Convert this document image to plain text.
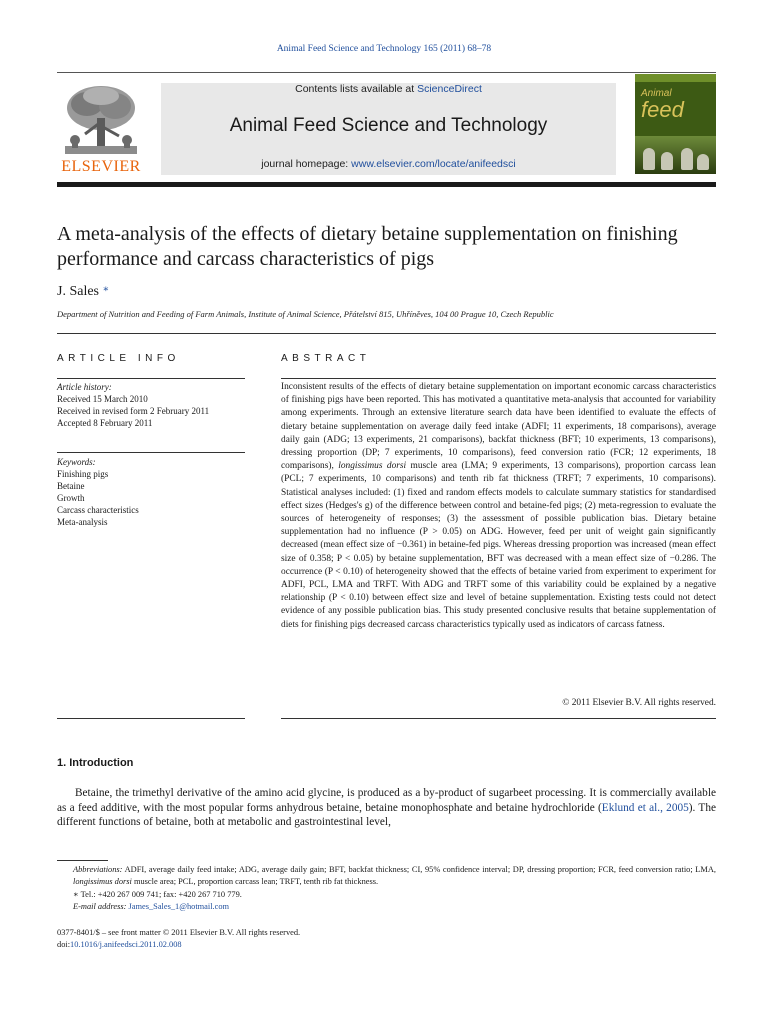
Animal Feed Science and Technology 165 (2011) 68–78
ELSEVIER
Contents lists available at ScienceDirect
Animal Feed Science and Technology
journal homepage: www.elsevier.com/locate/anifeedsci
Animal
feed
A meta-analysis of the effects of dietary betaine supplementation on finishing performance and carcass characteristics of pigs
J. Sales ∗
Department of Nutrition and Feeding of Farm Animals, Institute of Animal Science, Přátelství 815, Uhříněves, 104 00 Prague 10, Czech Republic
ARTICLE INFO	ABSTRACT
Article history:
Received 15 March 2010
Received in revised form 2 February 2011
Accepted 8 February 2011
Keywords:
Finishing pigs
Betaine
Growth
Carcass characteristics
Meta-analysis
Inconsistent results of the effects of dietary betaine supplementation on important economic carcass characteristics of finishing pigs have been reported. This has motivated a quantitative meta-analysis that accounted for variability among experiments. Through an extensive literature search data have been identified to evaluate the effects of dietary betaine supplementation on average daily feed intake (ADFI; 11 experiments, 18 comparisons), average daily gain (ADG; 13 experiments, 21 comparisons), backfat thickness (BFT; 10 experiments, 13 comparisons), dressing proportion (DP; 7 experiments, 10 comparisons), feed conversion ratio (FCR; 12 experiments, 18 comparisons), longissimus dorsi muscle area (LMA; 9 experiments, 13 comparisons), proportion carcass lean (PCL; 7 experiments, 10 comparisons) and tenth rib fat thickness (TRFT; 7 experiments, 10 comparisons). Statistical analyses included: (1) fixed and random effects models to calculate summary statistics for standardised effect sizes (Hedges's g) of the difference between control and betaine-fed pigs; (2) meta-regression to evaluate the sources of heterogeneity of responses; (3) the assessment of possible publication bias. Dietary betaine supplementation had no influence (P > 0.05) on ADG. However, feed per unit of weight gain significantly decreased (mean effect size of −0.361) in betaine-fed pigs. Whereas dressing proportion was increased (mean effect size of 0.358; P < 0.05) by betaine supplementation, BFT was decreased with a mean effect size of −0.286. The occurrence (P < 0.10) of heterogeneity showed that the effects of betaine varied from experiment to experiment for ADFI, PCL, LMA and TRFT. With ADG and TRFT some of this variability could be explained by a negative relationship (P < 0.10) between effect size and level of betaine supplementation. Existing tests could not detect evidence of any possible publication bias. This study presented conclusive results that betaine supplementation of diets for finishing pigs decreased carcass characteristics typically used as indicators of carcass fatness.
© 2011 Elsevier B.V. All rights reserved.
1. Introduction
Betaine, the trimethyl derivative of the amino acid glycine, is produced as a by-product of sugarbeet processing. It is commercially available as a feed additive, with the most popular forms anhydrous betaine, betaine monophosphate and betaine hydrochloride (Eklund et al., 2005). The different functions of betaine, both at metabolic and gastrointestinal level,
Abbreviations: ADFI, average daily feed intake; ADG, average daily gain; BFT, backfat thickness; CI, 95% confidence interval; DP, dressing proportion; FCR, feed conversion ratio; LMA, longissimus dorsi muscle area; PCL, proportion carcass lean; TRFT, tenth rib fat thickness.
∗ Tel.: +420 267 009 741; fax: +420 267 710 779.
E-mail address: James_Sales_1@hotmail.com
0377-8401/$ – see front matter © 2011 Elsevier B.V. All rights reserved.
doi:10.1016/j.anifeedsci.2011.02.008
